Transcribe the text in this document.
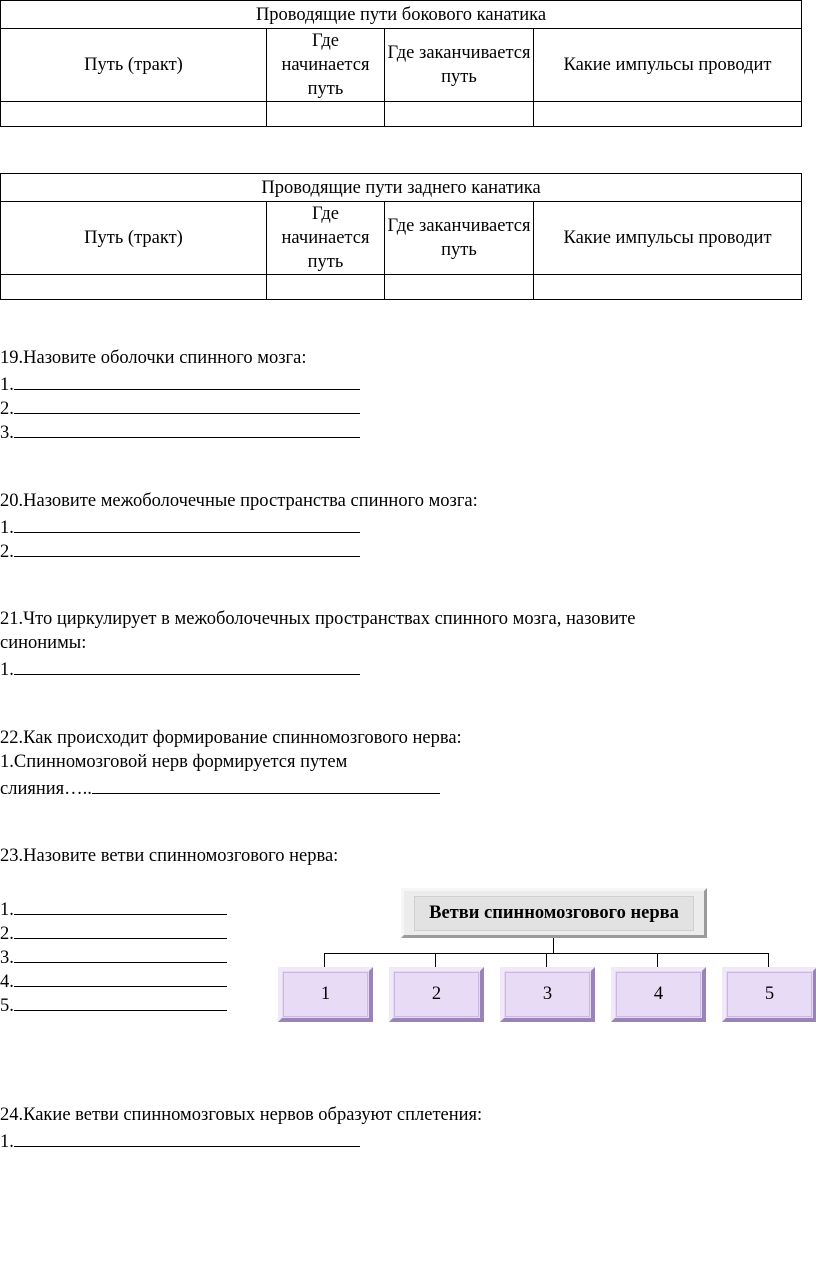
Проводящие пути бокового канатика			
Путь (тракт)	Где начинается путь	Где заканчивается путь	Какие импульсы проводит

Проводящие пути заднего канатика			
Путь (тракт)	Где начинается путь	Где заканчивается путь	Какие импульсы проводит

19.Назовите оболочки спинного мозга:
1.
2.
3.
20.Назовите межоболочечные пространства спинного мозга:
1.
2.
21.Что циркулирует в межоболочечных пространствах спинного мозга, назовите
синонимы:
1.
22.Как происходит формирование спинномозгового нерва:
1.Спинномозговой нерв формируется путем
слияния…..
23.Назовите ветви спинномозгового нерва:
1.
2.
3.
4.
5.
Ветви спинномозгового нерва
1	2	3	4	5
24.Какие ветви спинномозговых нервов образуют сплетения:
1.
